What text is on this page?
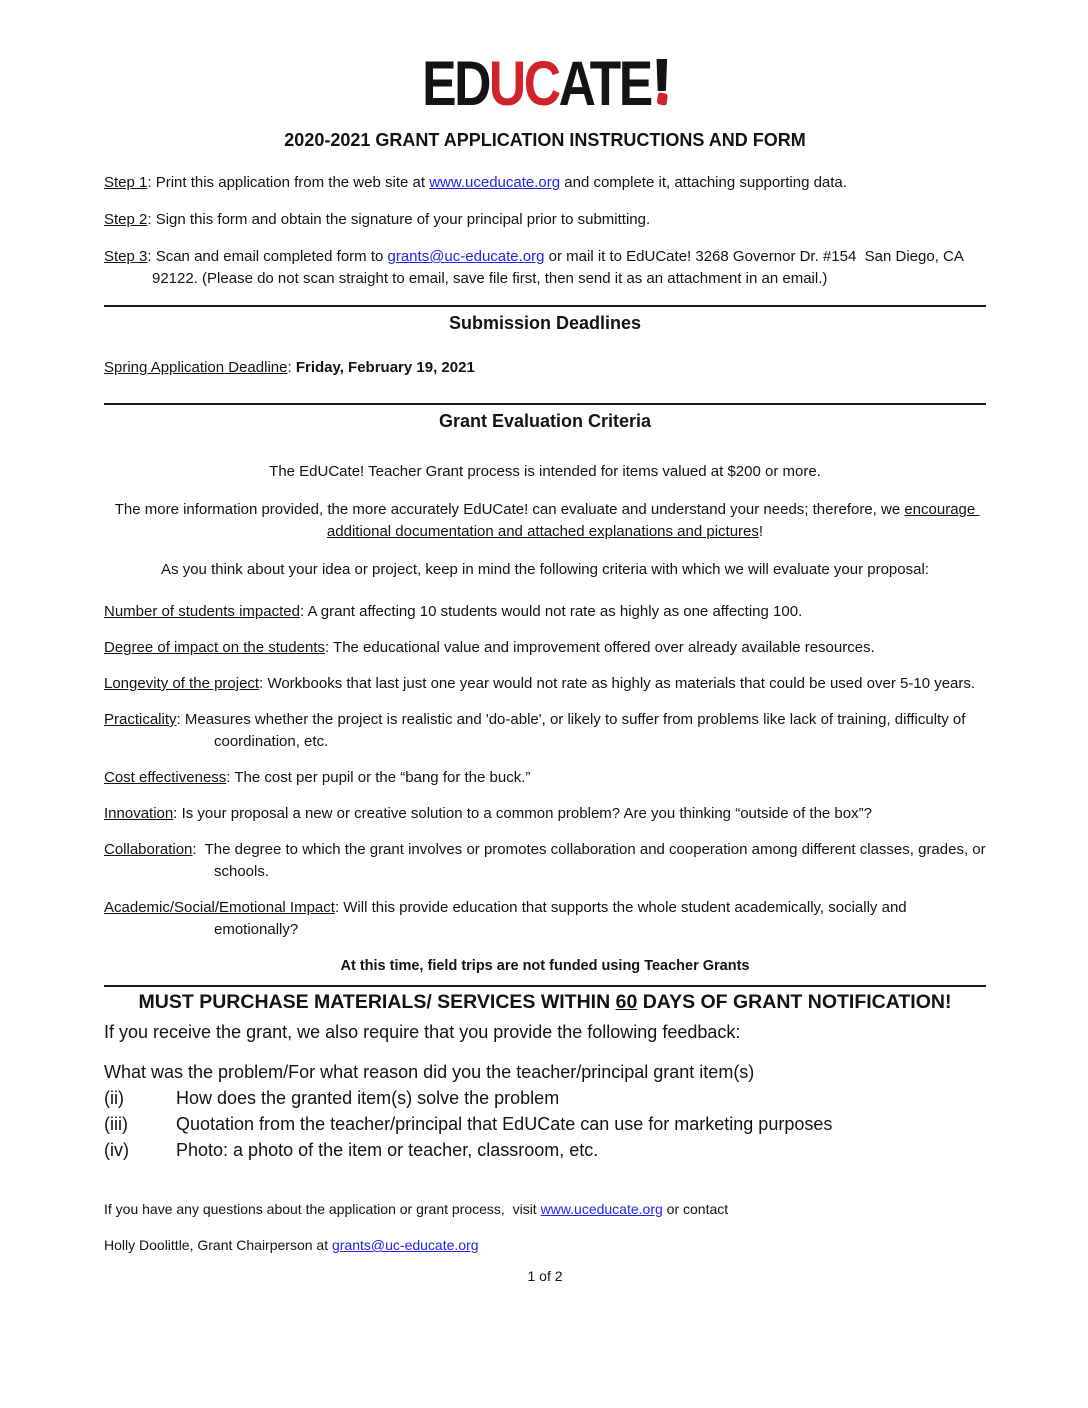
EDUCATE
2020-2021 GRANT APPLICATION INSTRUCTIONS AND FORM

Step 1: Print this application from the web site at www.uceducate.org and complete it, attaching supporting data.

Step 2: Sign this form and obtain the signature of your principal prior to submitting.

Step 3: Scan and email completed form to grants@uc-educate.org or mail it to EdUCate! 3268 Governor Dr. #154  San Diego, CA 92122. (Please do not scan straight to email, save file first, then send it as an attachment in an email.)

Submission Deadlines

Spring Application Deadline: Friday, February 19, 2021

Grant Evaluation Criteria

The EdUCate! Teacher Grant process is intended for items valued at $200 or more.

The more information provided, the more accurately EdUCate! can evaluate and understand your needs; therefore, we encourage additional documentation and attached explanations and pictures!

As you think about your idea or project, keep in mind the following criteria with which we will evaluate your proposal:

Number of students impacted: A grant affecting 10 students would not rate as highly as one affecting 100.

Degree of impact on the students: The educational value and improvement offered over already available resources.

Longevity of the project: Workbooks that last just one year would not rate as highly as materials that could be used over 5-10 years.

Practicality: Measures whether the project is realistic and 'do-able', or likely to suffer from problems like lack of training, difficulty of coordination, etc.

Cost effectiveness: The cost per pupil or the “bang for the buck.”

Innovation: Is your proposal a new or creative solution to a common problem? Are you thinking “outside of the box”?

Collaboration:  The degree to which the grant involves or promotes collaboration and cooperation among different classes, grades, or schools.

Academic/Social/Emotional Impact: Will this provide education that supports the whole student academically, socially and emotionally?

At this time, field trips are not funded using Teacher Grants

MUST PURCHASE MATERIALS/ SERVICES WITHIN 60 DAYS OF GRANT NOTIFICATION!

If you receive the grant, we also require that you provide the following feedback:

What was the problem/For what reason did you the teacher/principal grant item(s)

(ii)	How does the granted item(s) solve the problem
(iii)	Quotation from the teacher/principal that EdUCate can use for marketing purposes
(iv)	Photo: a photo of the item or teacher, classroom, etc.

If you have any questions about the application or grant process,  visit www.uceducate.org or contact

Holly Doolittle, Grant Chairperson at grants@uc-educate.org

1 of 2
